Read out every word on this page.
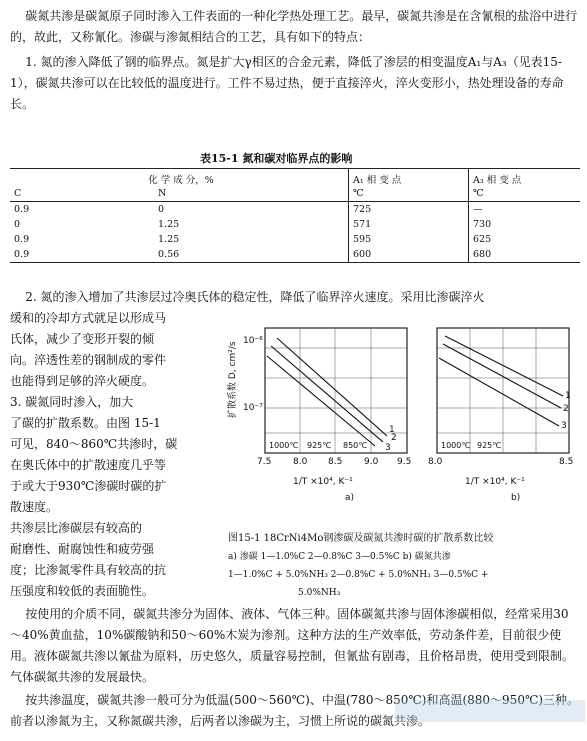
碳氮共渗是碳氮原子同时渗入工件表面的一种化学热处理工艺。最早，碳氮共渗是在含氰根的盐浴中进行的，故此，又称氰化。渗碳与渗氮相结合的工艺，具有如下的特点：
1. 氮的渗入降低了钢的临界点。氮是扩大γ相区的合金元素，降低了渗层的相变温度A₁与A₃（见表15-1），碳氮共渗可以在比较低的温度进行。工件不易过热，便于直接淬火，淬火变形小，热处理设备的寿命长。
表15-1 氮和碳对临界点的影响
化 学 成 分，%		A₁ 相 变 点	A₃ 相 变 点
C	N	℃	℃
0.9	0	725	—
0	1.25	571	730
0.9	1.25	595	625
0.9	0.56	600	680
2. 氮的渗入增加了共渗层过冷奥氏体的稳定性，降低了临界淬火速度。采用比渗碳淬火
缓和的冷却方式就足以形成马
氏体，减少了变形开裂的倾
向。淬透性差的钢制成的零件
也能得到足够的淬火硬度。
3. 碳氮同时渗入，加大
了碳的扩散系数。由图 15-1
可见，840～860℃共渗时，碳
在奥氏体中的扩散速度几乎等
于或大于930℃渗碳时碳的扩
散速度。
共渗层比渗碳层有较高的
耐磨性、耐腐蚀性和疲劳强
度；比渗氮零件具有较高的抗
压强度和较低的表面脆性。
扩散系数 D, cm²/s
10⁻⁶
10⁻⁷
7.5 8.0 8.5 9.0 9.5 8.0	8.5
1000℃ 925℃ 850℃	1000℃ 925℃
1
2
3
1
2
3
1/T ×10⁴, K⁻¹	1/T ×10⁴, K⁻¹
a)	b)
图15-1 18CrNi4Mo钢渗碳及碳氮共渗时碳的扩散系数比较
a) 渗碳 1—1.0%C 2—0.8%C 3—0.5%C b) 碳氮共渗
1—1.0%C + 5.0%NH₃ 2—0.8%C + 5.0%NH₃ 3—0.5%C +
5.0%NH₃
按使用的介质不同，碳氮共渗分为固体、液体、气体三种。固体碳氮共渗与固体渗碳相似，经常采用30～40%黄血盐，10%碳酸钠和50～60%木炭为渗剂。这种方法的生产效率低，劳动条件差，目前很少使用。液体碳氮共渗以氰盐为原料，历史悠久，质量容易控制，但氰盐有剧毒，且价格昂贵，使用受到限制。气体碳氮共渗的发展最快。
按共渗温度，碳氮共渗一般可分为低温(500～560℃)、中温(780～850℃)和高温(880～950℃)三种。前者以渗氮为主，又称氮碳共渗，后两者以渗碳为主，习惯上所说的碳氮共渗。
